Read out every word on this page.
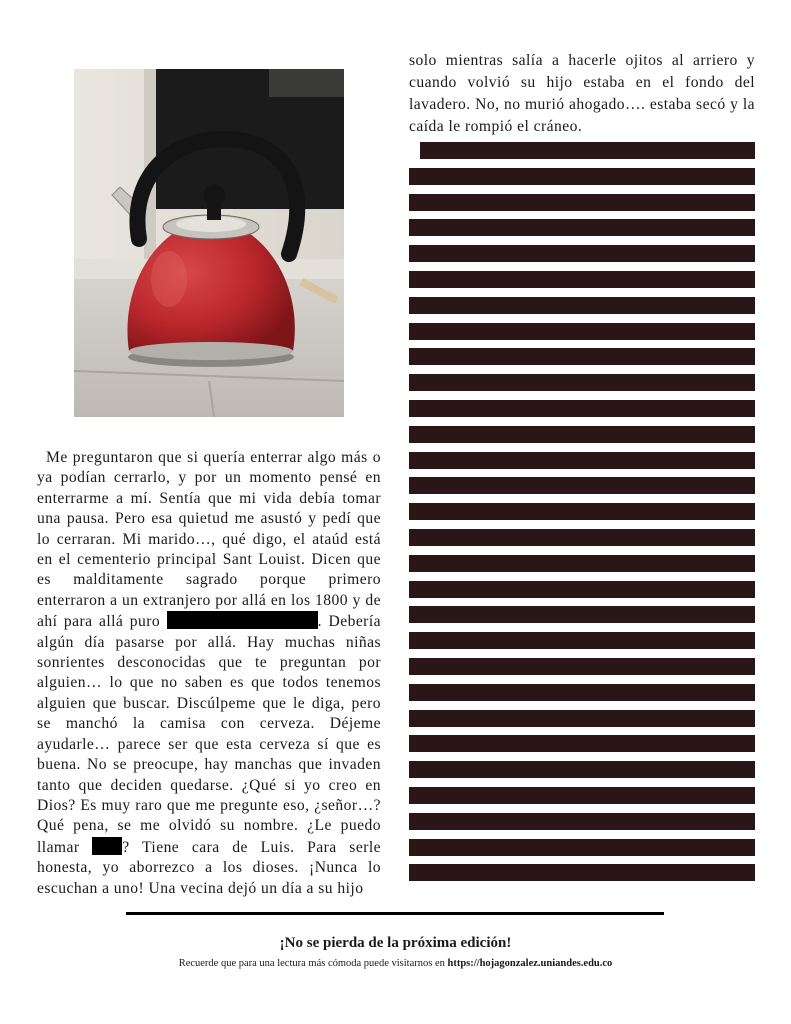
Me preguntaron que si quería enterrar algo más o ya podían cerrarlo, y por un momento pensé en enterrarme a mí. Sentía que mi vida debía tomar una pausa. Pero esa quietud me asustó y pedí que lo cerraran. Mi marido…, qué digo, el ataúd está en el cementerio principal Sant Louist. Dicen que es malditamente sagrado porque primero enterraron a un extranjero por allá en los 1800 y de ahí para allá puro	. Debería algún día pasarse por allá. Hay muchas niñas sonrientes desconocidas que te preguntan por alguien… lo que no saben es que todos tenemos alguien que buscar. Discúlpeme que le diga, pero se manchó la camisa con cerveza. Déjeme ayudarle… parece ser que esta cerveza sí que es buena. No se preocupe, hay manchas que invaden tanto que deciden quedarse. ¿Qué si yo creo en Dios? Es muy raro que me pregunte eso, ¿señor…? Qué pena, se me olvidó su nombre. ¿Le puedo llamar	? Tiene cara de Luis. Para serle honesta, yo aborrezco a los dioses. ¡Nunca lo escuchan a uno! Una vecina dejó un día a su hijo
solo mientras salía a hacerle ojitos al arriero y cuando volvió su hijo estaba en el fondo del lavadero. No, no murió ahogado…. estaba secó y la caída le rompió el cráneo.
¡No se pierda de la próxima edición!
Recuerde que para una lectura más cómoda puede visitarnos en https://hojagonzalez.uniandes.edu.co
